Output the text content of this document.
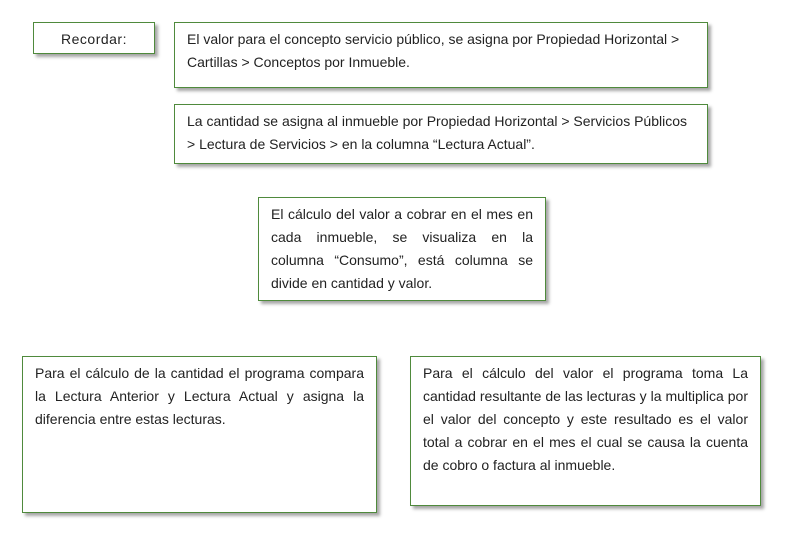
Recordar:	El valor para el concepto servicio público, se asigna por Propiedad Horizontal > Cartillas > Conceptos por Inmueble.

La cantidad se asigna al inmueble por Propiedad Horizontal > Servicios Públicos > Lectura de Servicios > en la columna “Lectura Actual”.

El cálculo del valor a cobrar en el mes en cada inmueble, se visualiza en la columna “Consumo”, está columna se divide en cantidad y valor.

Para el cálculo de la cantidad el programa compara la Lectura Anterior y Lectura Actual y asigna la diferencia entre estas lecturas.

Para el cálculo del valor el programa toma La cantidad resultante de las lecturas y la multiplica por el valor del concepto y este resultado es el valor total a cobrar en el mes el cual se causa la cuenta de cobro o factura al inmueble.
